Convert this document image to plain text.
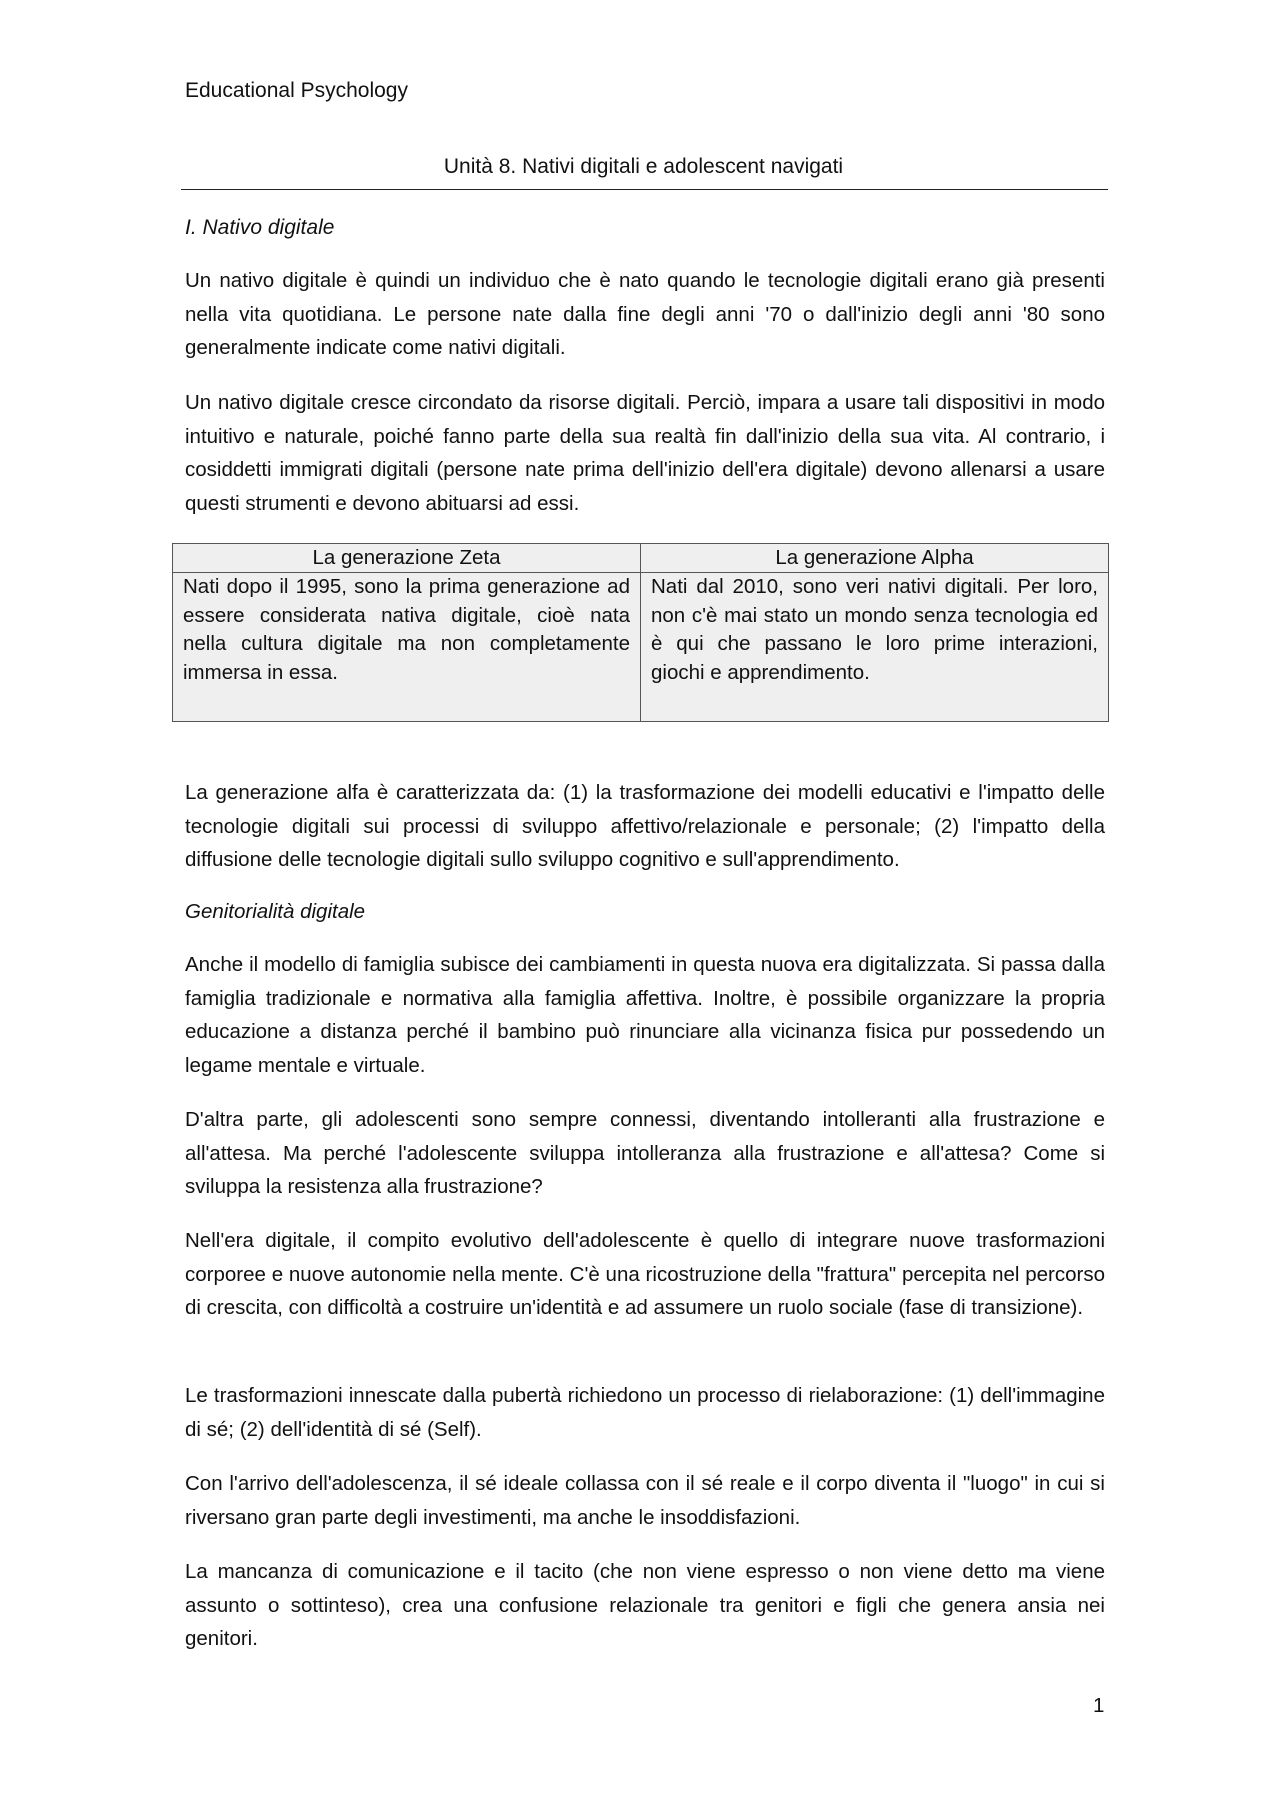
Educational Psychology
Unità 8. Nativi digitali e adolescent navigati
I. Nativo digitale

Un nativo digitale è quindi un individuo che è nato quando le tecnologie digitali erano già presenti nella vita quotidiana. Le persone nate dalla fine degli anni '70 o dall'inizio degli anni '80 sono generalmente indicate come nativi digitali.

Un nativo digitale cresce circondato da risorse digitali. Perciò, impara a usare tali dispositivi in modo intuitivo e naturale, poiché fanno parte della sua realtà fin dall'inizio della sua vita. Al contrario, i cosiddetti immigrati digitali (persone nate prima dell'inizio dell'era digitale) devono allenarsi a usare questi strumenti e devono abituarsi ad essi.

La generazione Zeta	La generazione Alpha
Nati dopo il 1995, sono la prima generazione ad essere considerata nativa digitale, cioè nata nella cultura digitale ma non completamente immersa in essa.	Nati dal 2010, sono veri nativi digitali. Per loro, non c'è mai stato un mondo senza tecnologia ed è qui che passano le loro prime interazioni, giochi e apprendimento.

La generazione alfa è caratterizzata da: (1) la trasformazione dei modelli educativi e l'impatto delle tecnologie digitali sui processi di sviluppo affettivo/relazionale e personale; (2) l'impatto della diffusione delle tecnologie digitali sullo sviluppo cognitivo e sull'apprendimento.

Genitorialità digitale

Anche il modello di famiglia subisce dei cambiamenti in questa nuova era digitalizzata. Si passa dalla famiglia tradizionale e normativa alla famiglia affettiva. Inoltre, è possibile organizzare la propria educazione a distanza perché il bambino può rinunciare alla vicinanza fisica pur possedendo un legame mentale e virtuale.

D'altra parte, gli adolescenti sono sempre connessi, diventando intolleranti alla frustrazione e all'attesa. Ma perché l'adolescente sviluppa intolleranza alla frustrazione e all'attesa? Come si sviluppa la resistenza alla frustrazione?

Nell'era digitale, il compito evolutivo dell'adolescente è quello di integrare nuove trasformazioni corporee e nuove autonomie nella mente. C'è una ricostruzione della "frattura" percepita nel percorso di crescita, con difficoltà a costruire un'identità e ad assumere un ruolo sociale (fase di transizione).

Le trasformazioni innescate dalla pubertà richiedono un processo di rielaborazione: (1) dell'immagine di sé; (2) dell'identità di sé (Self).

Con l'arrivo dell'adolescenza, il sé ideale collassa con il sé reale e il corpo diventa il "luogo" in cui si riversano gran parte degli investimenti, ma anche le insoddisfazioni.

La mancanza di comunicazione e il tacito (che non viene espresso o non viene detto ma viene assunto o sottinteso), crea una confusione relazionale tra genitori e figli che genera ansia nei genitori.

1
